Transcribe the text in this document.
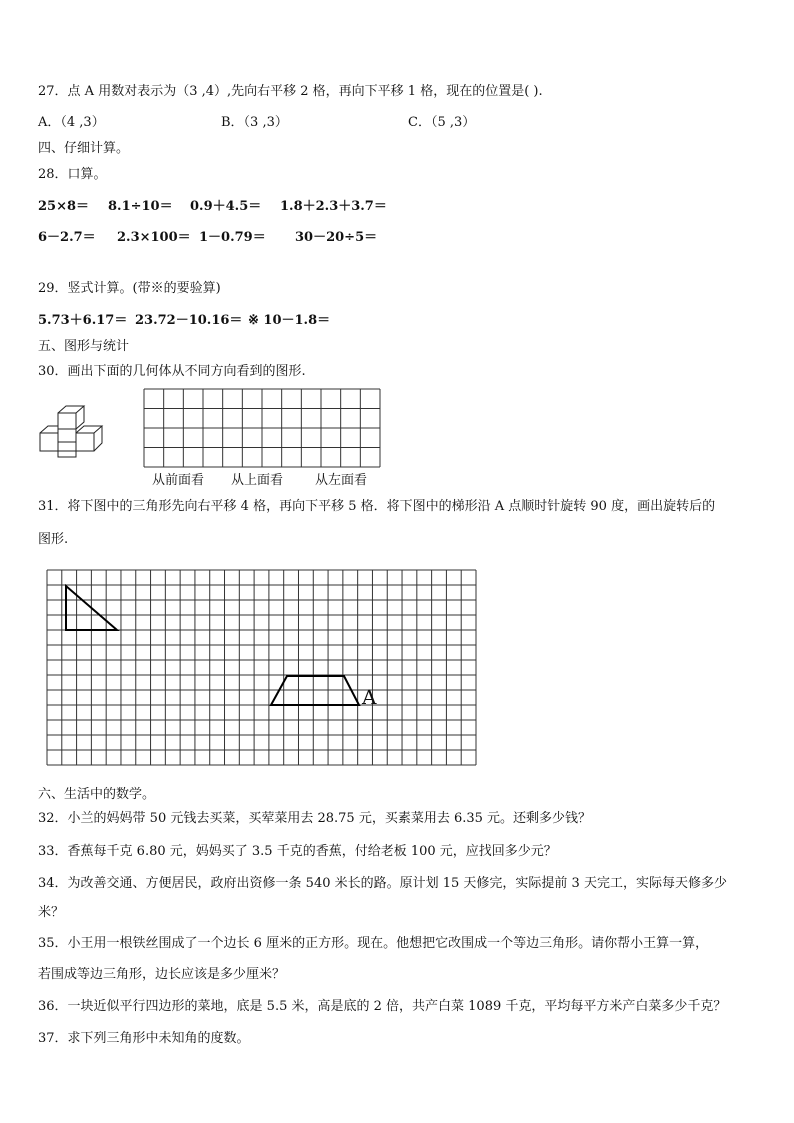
27．点 A 用数对表示为（3 ,4）,先向右平移 2 格，再向下平移 1 格，现在的位置是( ).
A．（4 ,3）	B．（3 ,3）	C．（5 ,3）
四、仔细计算。
28．口算。
25×8＝ 8.1÷10＝ 0.9＋4.5＝ 1.8＋2.3＋3.7＝
6－2.7＝ 2.3×100＝ 1－0.79＝ 30－20÷5＝
29．竖式计算。(带※的要验算)
5.73＋6.17＝ 23.72－10.16＝ ※ 10－1.8＝
五、图形与统计
30．画出下面的几何体从不同方向看到的图形.
从前面看 从上面看 从左面看
31．将下图中的三角形先向右平移 4 格，再向下平移 5 格．将下图中的梯形沿 A 点顺时针旋转 90 度，画出旋转后的
图形.
A
六、生活中的数学。
32．小兰的妈妈带 50 元钱去买菜，买荤菜用去 28.75 元，买素菜用去 6.35 元。还剩多少钱？
33．香蕉每千克 6.80 元，妈妈买了 3.5 千克的香蕉，付给老板 100 元，应找回多少元？
34．为改善交通、方便居民，政府出资修一条 540 米长的路。原计划 15 天修完，实际提前 3 天完工，实际每天修多少
米？
35．小王用一根铁丝围成了一个边长 6 厘米的正方形。现在。他想把它改围成一个等边三角形。请你帮小王算一算，
若围成等边三角形，边长应该是多少厘米？
36．一块近似平行四边形的菜地，底是 5.5 米，高是底的 2 倍，共产白菜 1089 千克，平均每平方米产白菜多少千克？
37．求下列三角形中未知角的度数。
